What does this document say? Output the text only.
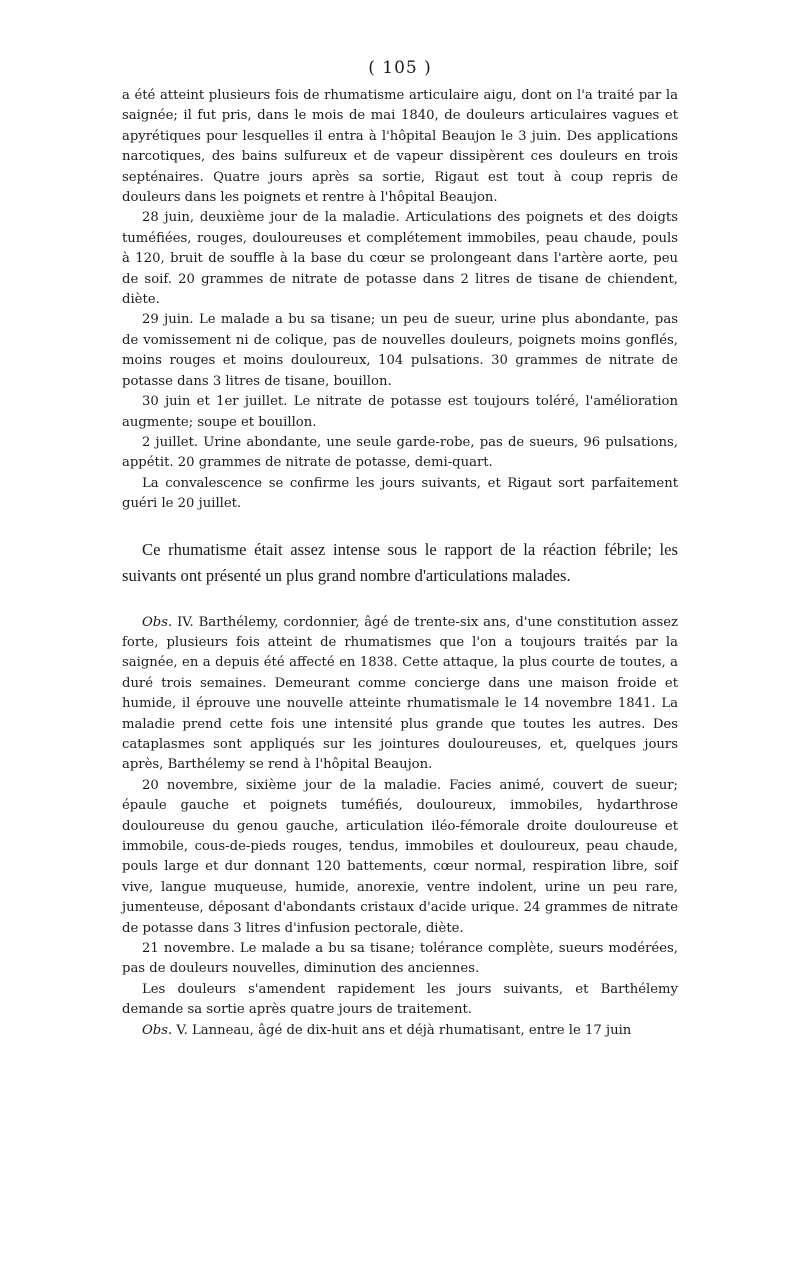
( 105 )

a été atteint plusieurs fois de rhumatisme articulaire aigu, dont on l'a traité par la saignée; il fut pris, dans le mois de mai 1840, de douleurs articulaires vagues et apyrétiques pour lesquelles il entra à l'hôpital Beaujon le 3 juin. Des applications narcotiques, des bains sulfureux et de vapeur dissipèrent ces douleurs en trois septénaires. Quatre jours après sa sortie, Rigaut est tout à coup repris de douleurs dans les poignets et rentre à l'hôpital Beaujon.

28 juin, deuxième jour de la maladie. Articulations des poignets et des doigts tuméfiées, rouges, douloureuses et complétement immobiles, peau chaude, pouls à 120, bruit de souffle à la base du cœur se prolongeant dans l'artère aorte, peu de soif. 20 grammes de nitrate de potasse dans 2 litres de tisane de chiendent, diète.

29 juin. Le malade a bu sa tisane; un peu de sueur, urine plus abondante, pas de vomissement ni de colique, pas de nouvelles douleurs, poignets moins gonflés, moins rouges et moins douloureux, 104 pulsations. 30 grammes de nitrate de potasse dans 3 litres de tisane, bouillon.

30 juin et 1er juillet. Le nitrate de potasse est toujours toléré, l'amélioration augmente; soupe et bouillon.

2 juillet. Urine abondante, une seule garde-robe, pas de sueurs, 96 pulsations, appétit. 20 grammes de nitrate de potasse, demi-quart.

La convalescence se confirme les jours suivants, et Rigaut sort parfaitement guéri le 20 juillet.

Ce rhumatisme était assez intense sous le rapport de la réaction fébrile; les suivants ont présenté un plus grand nombre d'articulations malades.

Obs. IV. Barthélemy, cordonnier, âgé de trente-six ans, d'une constitution assez forte, plusieurs fois atteint de rhumatismes que l'on a toujours traités par la saignée, en a depuis été affecté en 1838. Cette attaque, la plus courte de toutes, a duré trois semaines. Demeurant comme concierge dans une maison froide et humide, il éprouve une nouvelle atteinte rhumatismale le 14 novembre 1841. La maladie prend cette fois une intensité plus grande que toutes les autres. Des cataplasmes sont appliqués sur les jointures douloureuses, et, quelques jours après, Barthélemy se rend à l'hôpital Beaujon.

20 novembre, sixième jour de la maladie. Facies animé, couvert de sueur; épaule gauche et poignets tuméfiés, douloureux, immobiles, hydarthrose douloureuse du genou gauche, articulation iléo-fémorale droite douloureuse et immobile, cous-de-pieds rouges, tendus, immobiles et douloureux, peau chaude, pouls large et dur donnant 120 battements, cœur normal, respiration libre, soif vive, langue muqueuse, humide, anorexie, ventre indolent, urine un peu rare, jumenteuse, déposant d'abondants cristaux d'acide urique. 24 grammes de nitrate de potasse dans 3 litres d'infusion pectorale, diète.

21 novembre. Le malade a bu sa tisane; tolérance complète, sueurs modérées, pas de douleurs nouvelles, diminution des anciennes.

Les douleurs s'amendent rapidement les jours suivants, et Barthélemy demande sa sortie après quatre jours de traitement.

Obs. V. Lanneau, âgé de dix-huit ans et déjà rhumatisant, entre le 17 juin
